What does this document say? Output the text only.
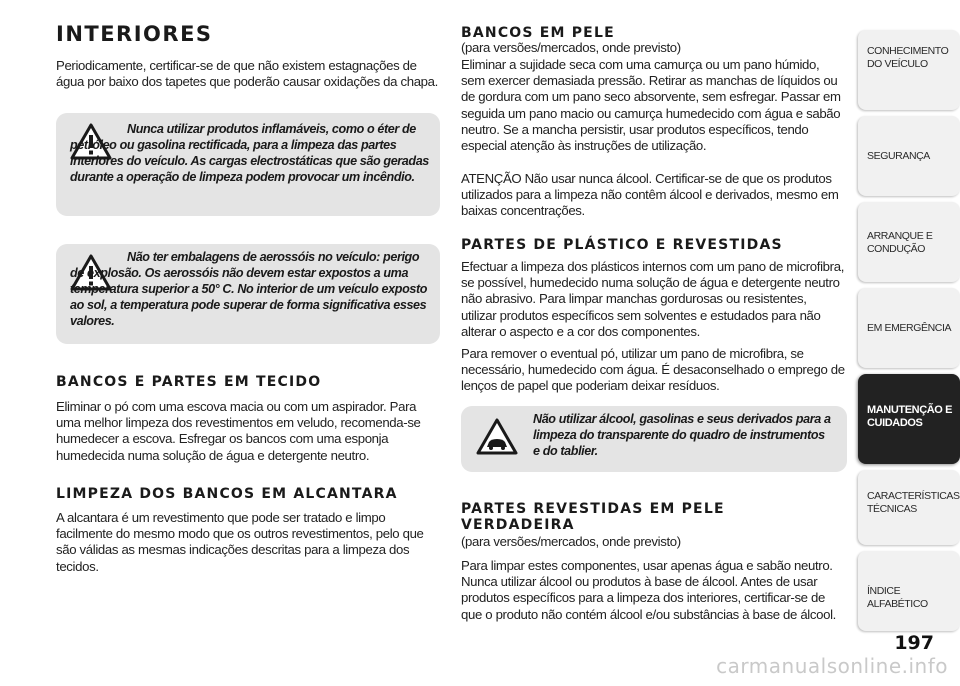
INTERIORES

Periodicamente, certificar-se de que não existem estagnações de água por baixo dos tapetes que poderão causar oxidações da chapa.

Nunca utilizar produtos inflamáveis, como o éter de petróleo ou gasolina rectificada, para a limpeza das partes interiores do veículo. As cargas electrostáticas que são geradas durante a operação de limpeza podem provocar um incêndio.

Não ter embalagens de aerossóis no veículo: perigo de explosão. Os aerossóis não devem estar expostos a uma temperatura superior a 50° C. No interior de um veículo exposto ao sol, a temperatura pode superar de forma significativa esses valores.

BANCOS E PARTES EM TECIDO

Eliminar o pó com uma escova macia ou com um aspirador. Para uma melhor limpeza dos revestimentos em veludo, recomenda-se humedecer a escova. Esfregar os bancos com uma esponja humedecida numa solução de água e detergente neutro.

LIMPEZA DOS BANCOS EM ALCANTARA

A alcantara é um revestimento que pode ser tratado e limpo facilmente do mesmo modo que os outros revestimentos, pelo que são válidas as mesmas indicações descritas para a limpeza dos tecidos.

BANCOS EM PELE

(para versões/mercados, onde previsto)

Eliminar a sujidade seca com uma camurça ou um pano húmido, sem exercer demasiada pressão. Retirar as manchas de líquidos ou de gordura com um pano seco absorvente, sem esfregar. Passar em seguida um pano macio ou camurça humedecido com água e sabão neutro. Se a mancha persistir, usar produtos específicos, tendo especial atenção às instruções de utilização.

ATENÇÃO Não usar nunca álcool. Certificar-se de que os produtos utilizados para a limpeza não contêm álcool e derivados, mesmo em baixas concentrações.

PARTES DE PLÁSTICO E REVESTIDAS

Efectuar a limpeza dos plásticos internos com um pano de microfibra, se possível, humedecido numa solução de água e detergente neutro não abrasivo. Para limpar manchas gordurosas ou resistentes, utilizar produtos específicos sem solventes e estudados para não alterar o aspecto e a cor dos componentes.

Para remover o eventual pó, utilizar um pano de microfibra, se necessário, humedecido com água. É desaconselhado o emprego de lenços de papel que poderiam deixar resíduos.

Não utilizar álcool, gasolinas e seus derivados para a limpeza do transparente do quadro de instrumentos e do tablier.

PARTES REVESTIDAS EM PELE VERDADEIRA

(para versões/mercados, onde previsto)

Para limpar estes componentes, usar apenas água e sabão neutro. Nunca utilizar álcool ou produtos à base de álcool. Antes de usar produtos específicos para a limpeza dos interiores, certificar-se de que o produto não contém álcool e/ou substâncias à base de álcool.

CONHECIMENTO DO VEÍCULO
SEGURANÇA
ARRANQUE E CONDUÇÃO
EM EMERGÊNCIA
MANUTENÇÃO E CUIDADOS
CARACTERÍSTICAS TÉCNICAS
ÍNDICE ALFABÉTICO
197
carmanualsonline.info
